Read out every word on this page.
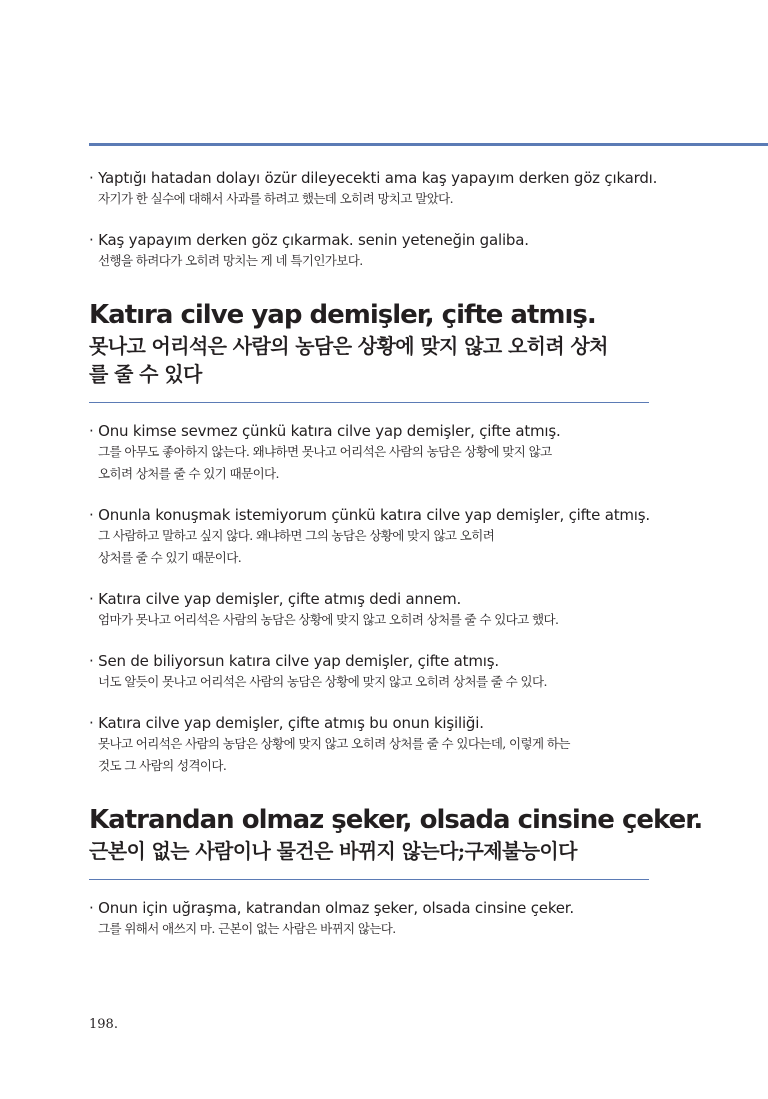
· Yaptığı hatadan dolayı özür dileyecekti ama kaş yapayım derken göz çıkardı.
자기가 한 실수에 대해서 사과를 하려고 했는데 오히려 망치고 말았다.
· Kaş yapayım derken göz çıkarmak. senin yeteneğin galiba.
선행을 하려다가 오히려 망치는 게 네 특기인가보다.
Katıra cilve yap demişler, çifte atmış.
못나고 어리석은 사람의 농담은 상황에 맞지 않고 오히려 상처
를 줄 수 있다
· Onu kimse sevmez çünkü katıra cilve yap demişler, çifte atmış.
그를 아무도 좋아하지 않는다. 왜냐하면 못나고 어리석은 사람의 농담은 상황에 맞지 않고
오히려 상처를 줄 수 있기 때문이다.
· Onunla konuşmak istemiyorum çünkü katıra cilve yap demişler, çifte atmış.
그 사람하고 말하고 싶지 않다. 왜냐하면 그의 농담은 상황에 맞지 않고 오히려
상처를 줄 수 있기 때문이다.
· Katıra cilve yap demişler, çifte atmış dedi annem.
엄마가 못나고 어리석은 사람의 농담은 상황에 맞지 않고 오히려 상처를 줄 수 있다고 했다.
· Sen de biliyorsun katıra cilve yap demişler, çifte atmış.
너도 알듯이 못나고 어리석은 사람의 농담은 상황에 맞지 않고 오히려 상처를 줄 수 있다.
· Katıra cilve yap demişler, çifte atmış bu onun kişiliği.
못나고 어리석은 사람의 농담은 상황에 맞지 않고 오히려 상처를 줄 수 있다는데, 이렇게 하는
것도 그 사람의 성격이다.
Katrandan olmaz şeker, olsada cinsine çeker.
근본이 없는 사람이나 물건은 바뀌지 않는다;구제불능이다
· Onun için uğraşma, katrandan olmaz şeker, olsada cinsine çeker.
그를 위해서 애쓰지 마. 근본이 없는 사람은 바뀌지 않는다.
198.
